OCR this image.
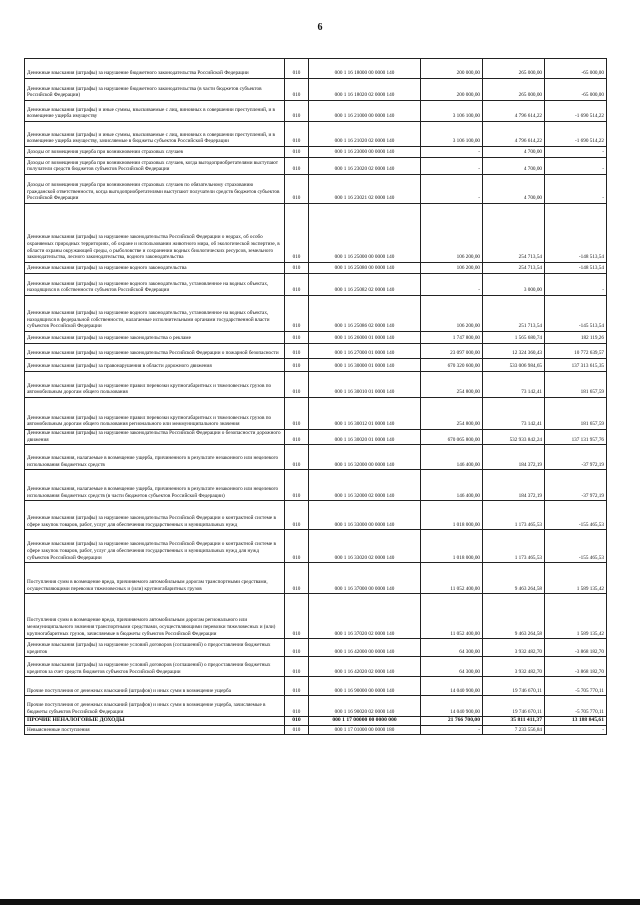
6
Денежные взыскания (штрафы) за нарушение бюджетного законодательства Российской Федерации	010	000 1 16 18000 00 0000 140	200 000,00	265 000,00	-65 000,00
Денежные взыскания (штрафы) за нарушение бюджетного законодательства (в части бюджетов субъектов Российской Федерации)	010	000 1 16 18020 02 0000 140	200 000,00	265 000,00	-65 000,00
Денежные взыскания (штрафы) и иные суммы, взыскиваемые с лиц, виновных в совершении преступлений, и в возмещение ущерба имуществу	010	000 1 16 21000 00 0000 140	3 106 100,00	4 796 614,22	-1 690 514,22
Денежные взыскания (штрафы) и иные суммы, взыскиваемые с лиц, виновных в совершении преступлений, и в возмещение ущерба имуществу, зачисляемые в бюджеты субъектов Российской Федерации	010	000 1 16 21020 02 0000 140	3 106 100,00	4 796 614,22	-1 690 514,22
Доходы от возмещения ущерба при возникновении страховых случаев	010	000 1 16 23000 00 0000 140	-	4 700,00	-
Доходы от возмещения ущерба при возникновении страховых случаев, когда выгодоприобретателями выступают получатели средств бюджетов субъектов Российской Федерации	010	000 1 16 23020 02 0000 140	-	4 700,00	-
Доходы от возмещения ущерба при возникновении страховых случаев по обязательному страхованию гражданской ответственности, когда выгодоприобретателями выступают получатели средств бюджетов субъектов Российской Федерации	010	000 1 16 23021 02 0000 140	-	4 700,00	-
Денежные взыскания (штрафы) за нарушение законодательства Российской Федерации о недрах, об особо охраняемых природных территориях, об охране и использовании животного мира, об экологической экспертизе, в области охраны окружающей среды, о рыболовстве и сохранении водных биологических ресурсов, земельного законодательства, лесного законодательства, водного законодательства	010	000 1 16 25000 00 0000 140	106 200,00	254 713,54	-148 513,54
Денежные взыскания (штрафы) за нарушение водного законодательства	010	000 1 16 25080 00 0000 140	106 200,00	254 713,54	-148 513,54
Денежные взыскания (штрафы) за нарушение водного законодательства, установленное на водных объектах, находящихся в собственности субъектов Российской Федерации	010	000 1 16 25082 02 0000 140	-	3 000,00	-
Денежные взыскания (штрафы) за нарушение водного законодательства, установленное на водных объектах, находящихся в федеральной собственности, налагаемые исполнительными органами государственной власти субъектов Российской Федерации	010	000 1 16 25086 02 0000 140	106 200,00	251 713,54	-145 513,54
Денежные взыскания (штрафы) за нарушение законодательства о рекламе	010	000 1 16 26000 01 0000 140	1 747 800,00	1 565 680,74	182 119,26
Денежные взыскания (штрафы) за нарушение законодательства Российской Федерации о пожарной безопасности	010	000 1 16 27000 01 0000 140	23 097 000,00	12 324 360,43	10 772 639,57
Денежные взыскания (штрафы) за правонарушения в области дорожного движения	010	000 1 16 30000 01 0000 140	670 320 600,00	533 006 984,65	137 313 615,35
Денежные взыскания (штрафы) за нарушение правил перевозки крупногабаритных и тяжеловесных грузов по автомобильным дорогам общего пользования	010	000 1 16 30010 01 0000 140	254 800,00	73 142,41	181 657,59
Денежные взыскания (штрафы) за нарушение правил перевозки крупногабаритных и тяжеловесных грузов по автомобильным дорогам общего пользования регионального или межмуниципального значения	010	000 1 16 30012 01 0000 140	254 800,00	73 142,41	181 657,59
Денежные взыскания (штрафы) за нарушение законодательства Российской Федерации о безопасности дорожного движения	010	000 1 16 30020 01 0000 140	670 065 800,00	532 933 842,24	137 131 957,76
Денежные взыскания, налагаемые в возмещение ущерба, причиненного в результате незаконного или нецелевого использования бюджетных средств	010	000 1 16 32000 00 0000 140	146 400,00	184 372,19	-37 972,19
Денежные взыскания, налагаемые в возмещение ущерба, причиненного в результате незаконного или нецелевого использования бюджетных средств (в части бюджетов субъектов Российской Федерации)	010	000 1 16 32000 02 0000 140	146 400,00	184 372,19	-37 972,19
Денежные взыскания (штрафы) за нарушение законодательства Российской Федерации о контрактной системе в сфере закупок товаров, работ, услуг для обеспечения государственных и муниципальных нужд	010	000 1 16 33000 00 0000 140	1 018 000,00	1 173 465,53	-155 465,53
Денежные взыскания (штрафы) за нарушение законодательства Российской Федерации о контрактной системе в сфере закупок товаров, работ, услуг для обеспечения государственных и муниципальных нужд для нужд субъектов Российской Федерации	010	000 1 16 33020 02 0000 140	1 018 000,00	1 173 465,53	-155 465,53
Поступления сумм в возмещение вреда, причиняемого автомобильным дорогам транспортными средствами, осуществляющими перевозки тяжеловесных и (или) крупногабаритных грузов	010	000 1 16 37000 00 0000 140	11 052 400,00	9 463 264,58	1 589 135,42
Поступления сумм в возмещение вреда, причиняемого автомобильным дорогам регионального или межмуниципального значения транспортными средствами, осуществляющими перевозки тяжеловесных и (или) крупногабаритных грузов, зачисляемые в бюджеты субъектов Российской Федерации	010	000 1 16 37020 02 0000 140	11 052 400,00	9 463 264,58	1 589 135,42
Денежные взыскания (штрафы) за нарушение условий договоров (соглашений) о предоставлении бюджетных кредитов	010	000 1 16 42000 00 0000 140	64 300,00	3 932 482,70	-3 868 182,70
Денежные взыскания (штрафы) за нарушение условий договоров (соглашений) о предоставлении бюджетных кредитов за счет средств бюджетов субъектов Российской Федерации	010	000 1 16 42020 02 0000 140	64 300,00	3 932 482,70	-3 868 182,70
Прочие поступления от денежных взысканий (штрафов) и иных сумм в возмещение ущерба	010	000 1 16 90000 00 0000 140	14 040 900,00	19 746 670,11	-5 705 770,11
Прочие поступления от денежных взысканий (штрафов) и иных сумм в возмещение ущерба, зачисляемые в бюджеты субъектов Российской Федерации	010	000 1 16 90020 02 0000 140	14 040 900,00	19 746 670,11	-5 705 770,11
ПРОЧИЕ НЕНАЛОГОВЫЕ ДОХОДЫ	010	000 1 17 00000 00 0000 000	21 766 700,00	35 811 411,37	13 188 845,61
Невыясненные поступления	010	000 1 17 01000 00 0000 180	-	7 233 556,84	-
